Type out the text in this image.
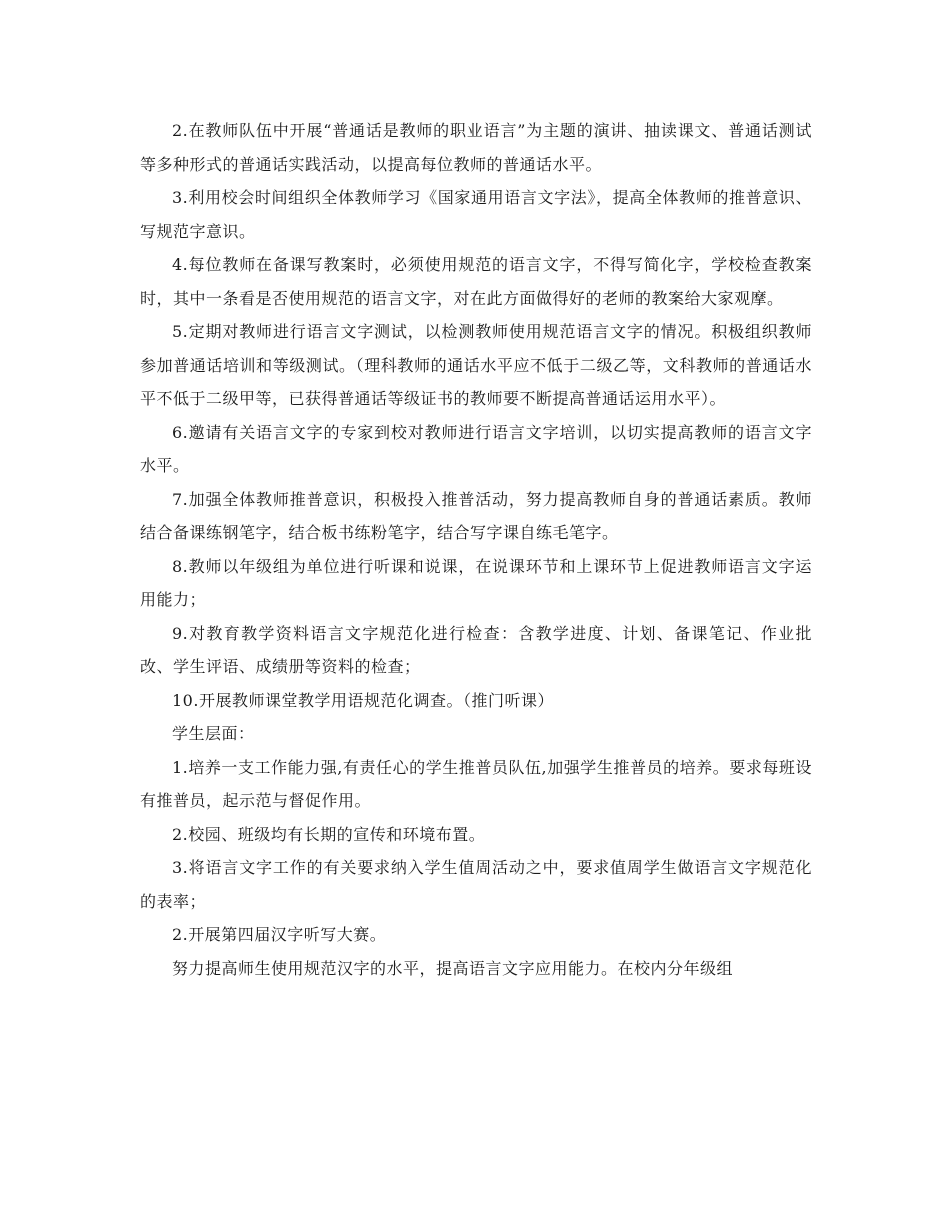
2.在教师队伍中开展“普通话是教师的职业语言”为主题的演讲、抽读课文、普通话测试等多种形式的普通话实践活动，以提高每位教师的普通话水平。

3.利用校会时间组织全体教师学习《国家通用语言文字法》，提高全体教师的推普意识、写规范字意识。

4.每位教师在备课写教案时，必须使用规范的语言文字，不得写简化字，学校检查教案时，其中一条看是否使用规范的语言文字，对在此方面做得好的老师的教案给大家观摩。

5.定期对教师进行语言文字测试，以检测教师使用规范语言文字的情况。积极组织教师参加普通话培训和等级测试。（理科教师的通话水平应不低于二级乙等，文科教师的普通话水平不低于二级甲等，已获得普通话等级证书的教师要不断提高普通话运用水平）。

6.邀请有关语言文字的专家到校对教师进行语言文字培训，以切实提高教师的语言文字水平。

7.加强全体教师推普意识，积极投入推普活动，努力提高教师自身的普通话素质。教师结合备课练钢笔字，结合板书练粉笔字，结合写字课自练毛笔字。

8.教师以年级组为单位进行听课和说课，在说课环节和上课环节上促进教师语言文字运用能力；

9.对教育教学资料语言文字规范化进行检查：含教学进度、计划、备课笔记、作业批改、学生评语、成绩册等资料的检查；

10.开展教师课堂教学用语规范化调查。（推门听课）

学生层面：

1.培养一支工作能力强,有责任心的学生推普员队伍,加强学生推普员的培养。要求每班设有推普员，起示范与督促作用。

2.校园、班级均有长期的宣传和环境布置。

3.将语言文字工作的有关要求纳入学生值周活动之中，要求值周学生做语言文字规范化的表率；

2.开展第四届汉字听写大赛。

努力提高师生使用规范汉字的水平，提高语言文字应用能力。在校内分年级组
